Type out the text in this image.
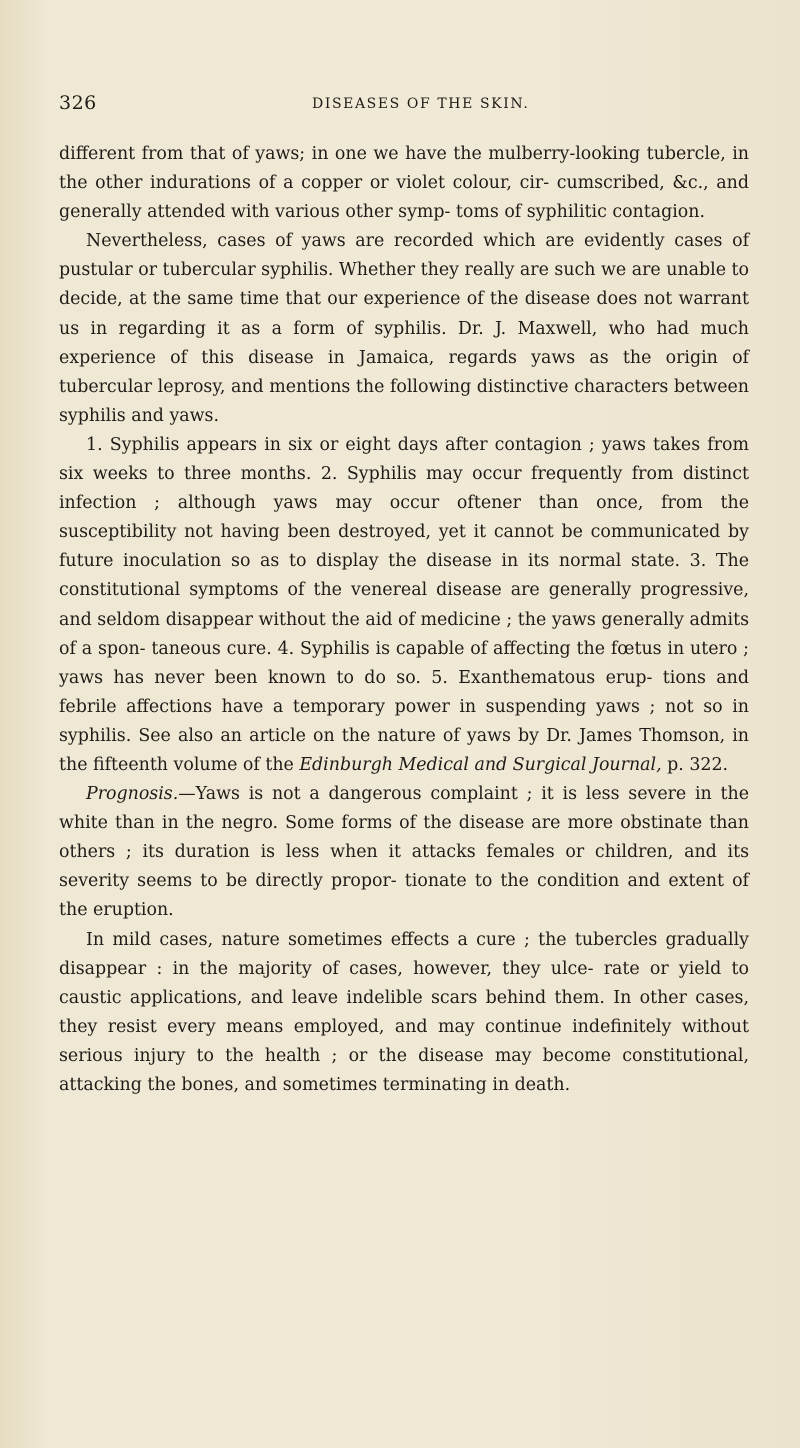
326	DISEASES OF THE SKIN.

different from that of yaws; in one we have the mulberry-looking tubercle, in the other indurations of a copper or violet colour, cir- cumscribed, &c., and generally attended with various other symp- toms of syphilitic contagion.

Nevertheless, cases of yaws are recorded which are evidently cases of pustular or tubercular syphilis. Whether they really are such we are unable to decide, at the same time that our experience of the disease does not warrant us in regarding it as a form of syphilis. Dr. J. Maxwell, who had much experience of this disease in Jamaica, regards yaws as the origin of tubercular leprosy, and mentions the following distinctive characters between syphilis and yaws.

1. Syphilis appears in six or eight days after contagion ; yaws takes from six weeks to three months. 2. Syphilis may occur frequently from distinct infection ; although yaws may occur oftener than once, from the susceptibility not having been destroyed, yet it cannot be communicated by future inoculation so as to display the disease in its normal state. 3. The constitutional symptoms of the venereal disease are generally progressive, and seldom disappear without the aid of medicine ; the yaws generally admits of a spon- taneous cure. 4. Syphilis is capable of affecting the fœtus in utero ; yaws has never been known to do so. 5. Exanthematous erup- tions and febrile affections have a temporary power in suspending yaws ; not so in syphilis. See also an article on the nature of yaws by Dr. James Thomson, in the fifteenth volume of the Edinburgh Medical and Surgical Journal, p. 322.

Prognosis.—Yaws is not a dangerous complaint ; it is less severe in the white than in the negro. Some forms of the disease are more obstinate than others ; its duration is less when it attacks females or children, and its severity seems to be directly propor- tionate to the condition and extent of the eruption.

In mild cases, nature sometimes effects a cure ; the tubercles gradually disappear : in the majority of cases, however, they ulce- rate or yield to caustic applications, and leave indelible scars behind them. In other cases, they resist every means employed, and may continue indefinitely without serious injury to the health ; or the disease may become constitutional, attacking the bones, and sometimes terminating in death.
